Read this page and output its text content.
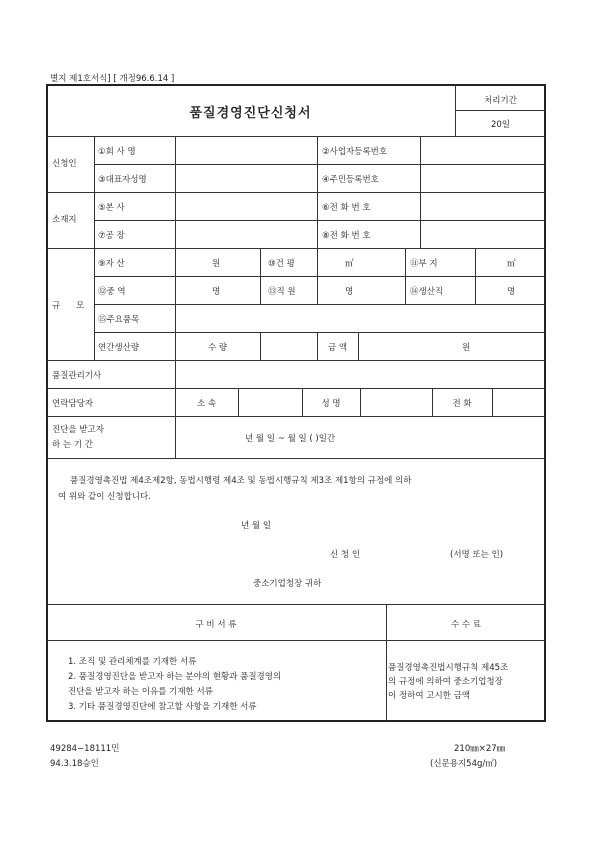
별지 제1호서식] [ 개정96.6.14 ]
품질경영진단신청서
처리기간
20일
신청인
①회 사 명	②사업자등록번호
③대표자성명	④주민등록번호
소재지
⑤본 사	⑥전 화 번 호
⑦공 장	⑧전 화 번 호
규 모
⑨자 산	원	⑩건 평	㎡	⑪부 지	㎡
⑫중 역	명	⑬직 원	명	⑭생산직	명
⑮주요품목
연간생산량	수 량	금 액	원
품질관리기사
연락담당자	소 속	성 명	전 화
진단을 받고자
하 는 기 간
년 월 일 ~ 월 일 ( )일간
품질경영촉진법 제4조제2항, 동법시행령 제4조 및 동법시행규칙 제3조 제1항의 규정에 의하
여 위와 같이 신청합니다.
년 월 일
신 청 인	(서명 또는 인)
중소기업청장 귀하
구 비 서 류	수 수 료
1. 조직 및 관리체계를 기재한 서류
2. 품질경영진단을 받고자 하는 분야의 현황과 품질경영의
진단을 받고자 하는 이유를 기재한 서류
3. 기타 품질경영진단에 참고할 사항을 기재한 서류
품질경영촉진법시행규칙 제45조
의 규정에 의하여 중소기업청장
이 정하여 고시한 금액
49284−18111민
94.3.18승인
210㎜×27㎜
(신문용지54g/㎡)
